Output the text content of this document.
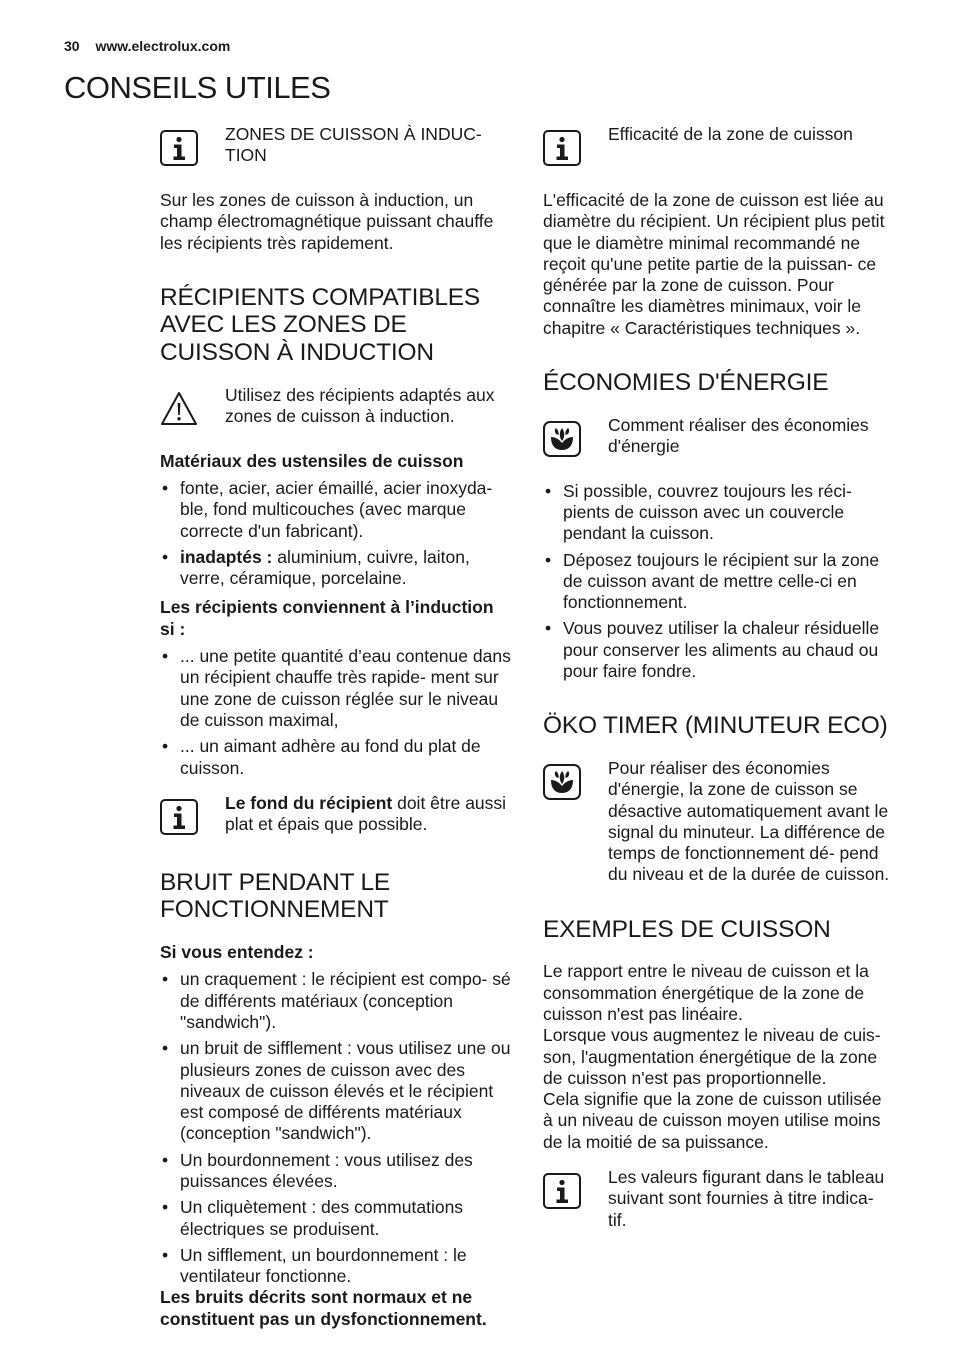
30 www.electrolux.com
CONSEILS UTILES

ZONES DE CUISSON À INDUC- TION

Sur les zones de cuisson à induction, un champ électromagnétique puissant chauffe les récipients très rapidement.

RÉCIPIENTS COMPATIBLES AVEC LES ZONES DE CUISSON À INDUCTION

Utilisez des récipients adaptés aux zones de cuisson à induction.

Matériaux des ustensiles de cuisson

• fonte, acier, acier émaillé, acier inoxyda- ble, fond multicouches (avec marque correcte d'un fabricant).
• inadaptés : aluminium, cuivre, laiton, verre, céramique, porcelaine.

Les récipients conviennent à l’induction si :

• ... une petite quantité d’eau contenue dans un récipient chauffe très rapide- ment sur une zone de cuisson réglée sur le niveau de cuisson maximal,
• ... un aimant adhère au fond du plat de cuisson.

Le fond du récipient doit être aussi plat et épais que possible.

BRUIT PENDANT LE FONCTIONNEMENT

Si vous entendez :

• un craquement : le récipient est compo- sé de différents matériaux (conception "sandwich").
• un bruit de sifflement : vous utilisez une ou plusieurs zones de cuisson avec des niveaux de cuisson élevés et le récipient est composé de différents matériaux (conception "sandwich").
• Un bourdonnement : vous utilisez des puissances élevées.
• Un cliquètement : des commutations électriques se produisent.
• Un sifflement, un bourdonnement : le ventilateur fonctionne.

Les bruits décrits sont normaux et ne constituent pas un dysfonctionnement.

Efficacité de la zone de cuisson

L'efficacité de la zone de cuisson est liée au diamètre du récipient. Un récipient plus petit que le diamètre minimal recommandé ne reçoit qu'une petite partie de la puissan- ce générée par la zone de cuisson. Pour connaître les diamètres minimaux, voir le chapitre « Caractéristiques techniques ».

ÉCONOMIES D'ÉNERGIE

Comment réaliser des économies d'énergie

• Si possible, couvrez toujours les réci- pients de cuisson avec un couvercle pendant la cuisson.
• Déposez toujours le récipient sur la zone de cuisson avant de mettre celle-ci en fonctionnement.
• Vous pouvez utiliser la chaleur résiduelle pour conserver les aliments au chaud ou pour faire fondre.
ÖKO TIMER (MINUTEUR ECO)

Pour réaliser des économies d'énergie, la zone de cuisson se désactive automatiquement avant le signal du minuteur. La différence de temps de fonctionnement dé- pend du niveau et de la durée de cuisson.

EXEMPLES DE CUISSON

Le rapport entre le niveau de cuisson et la consommation énergétique de la zone de cuisson n'est pas linéaire.

Lorsque vous augmentez le niveau de cuis- son, l'augmentation énergétique de la zone de cuisson n'est pas proportionnelle.

Cela signifie que la zone de cuisson utilisée à un niveau de cuisson moyen utilise moins de la moitié de sa puissance.

Les valeurs figurant dans le tableau suivant sont fournies à titre indica- tif.
